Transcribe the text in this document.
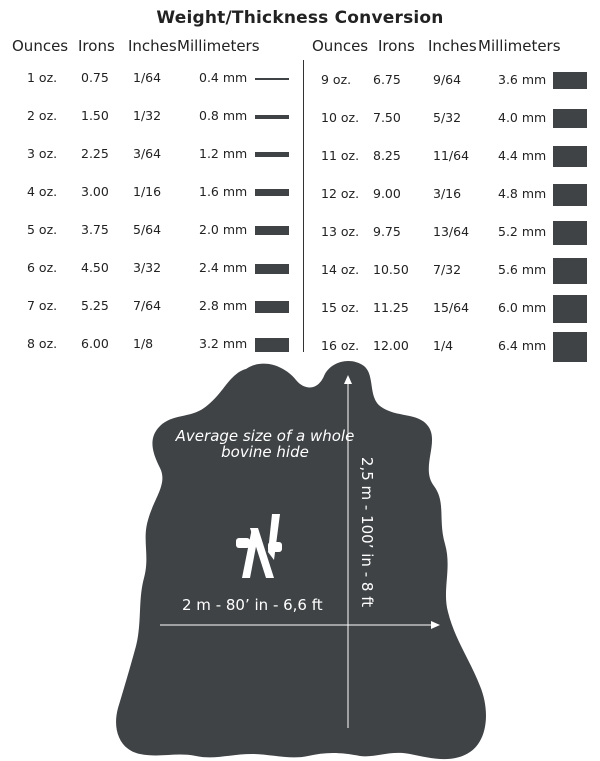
Weight/Thickness Conversion
Ounces Irons Inches Millimeters	Ounces Irons Inches Millimeters
1 oz. 0.75 1/64	0.4 mm
2 oz. 1.50 1/32	0.8 mm
3 oz. 2.25 3/64	1.2 mm
4 oz. 3.00 1/16	1.6 mm
5 oz. 3.75 5/64	2.0 mm
6 oz. 4.50 3/32	2.4 mm
7 oz. 5.25 7/64	2.8 mm
8 oz. 6.00 1/8	3.2 mm
9 oz. 6.75	9/64	3.6 mm
10 oz. 7.50	5/32	4.0 mm
11 oz. 8.25	11/64 4.4 mm
12 oz. 9.00	3/16	4.8 mm
13 oz. 9.75	13/64 5.2 mm
14 oz. 10.50 7/32	5.6 mm
15 oz. 11.25 15/64 6.0 mm
16 oz. 12.00 1/4	6.4 mm
Average size of a whole bovine hide
2 m - 80’ in - 6,6 ft 2,5 m - 100’ in - 8 ft
